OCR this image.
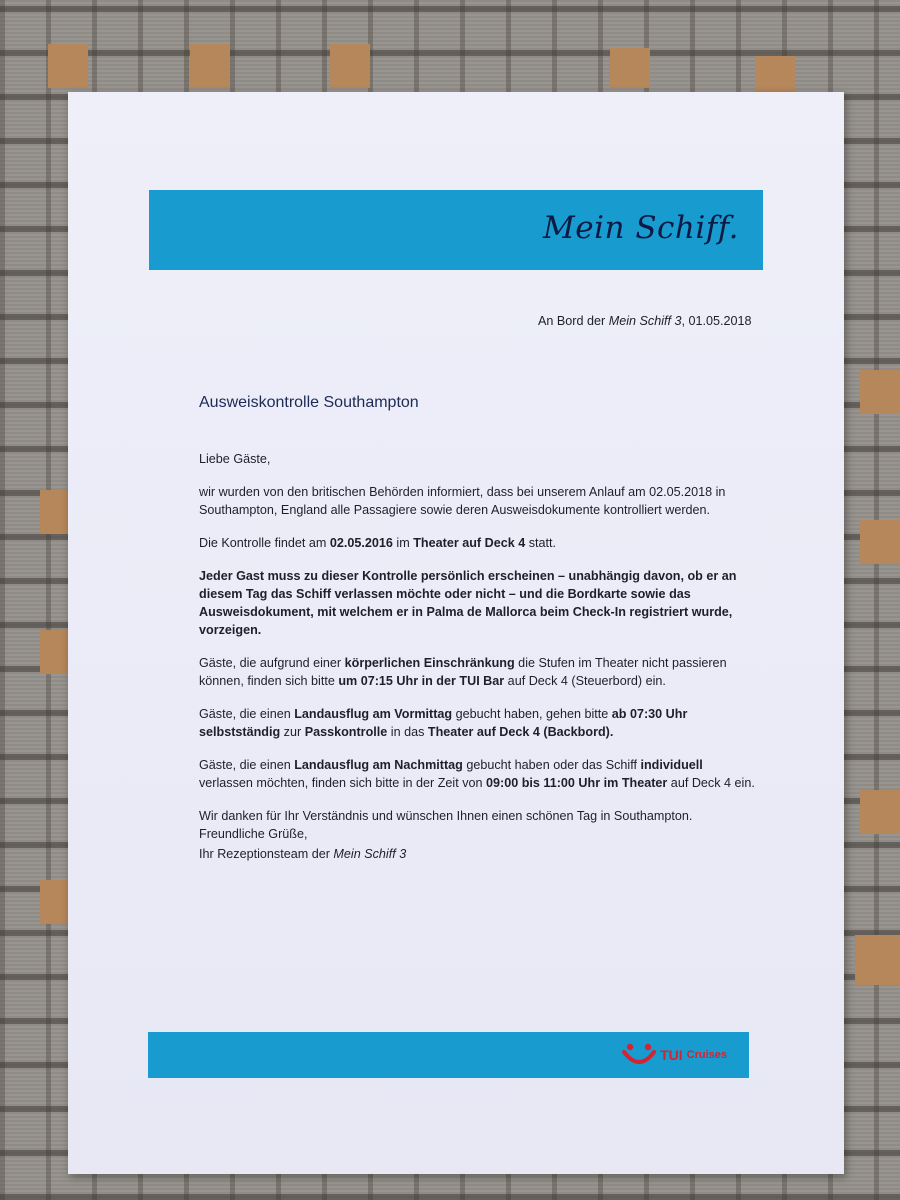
Mein Schiff.
An Bord der Mein Schiff 3, 01.05.2018
Ausweiskontrolle Southampton

Liebe Gäste,

wir wurden von den britischen Behörden informiert, dass bei unserem Anlauf am 02.05.2018 in Southampton, England alle Passagiere sowie deren Ausweisdokumente kontrolliert werden.

Die Kontrolle findet am 02.05.2016 im Theater auf Deck 4 statt.

Jeder Gast muss zu dieser Kontrolle persönlich erscheinen – unabhängig davon, ob er an diesem Tag das Schiff verlassen möchte oder nicht – und die Bordkarte sowie das Ausweisdokument, mit welchem er in Palma de Mallorca beim Check-In registriert wurde, vorzeigen.

Gäste, die aufgrund einer körperlichen Einschränkung die Stufen im Theater nicht passieren können, finden sich bitte um 07:15 Uhr in der TUI Bar auf Deck 4 (Steuerbord) ein.

Gäste, die einen Landausflug am Vormittag gebucht haben, gehen bitte ab 07:30 Uhr selbstständig zur Passkontrolle in das Theater auf Deck 4 (Backbord).

Gäste, die einen Landausflug am Nachmittag gebucht haben oder das Schiff individuell verlassen möchten, finden sich bitte in der Zeit von 09:00 bis 11:00 Uhr im Theater auf Deck 4 ein.

Wir danken für Ihr Verständnis und wünschen Ihnen einen schönen Tag in Southampton.

Freundliche Grüße,
Ihr Rezeptionsteam der Mein Schiff 3
TUI Cruises
